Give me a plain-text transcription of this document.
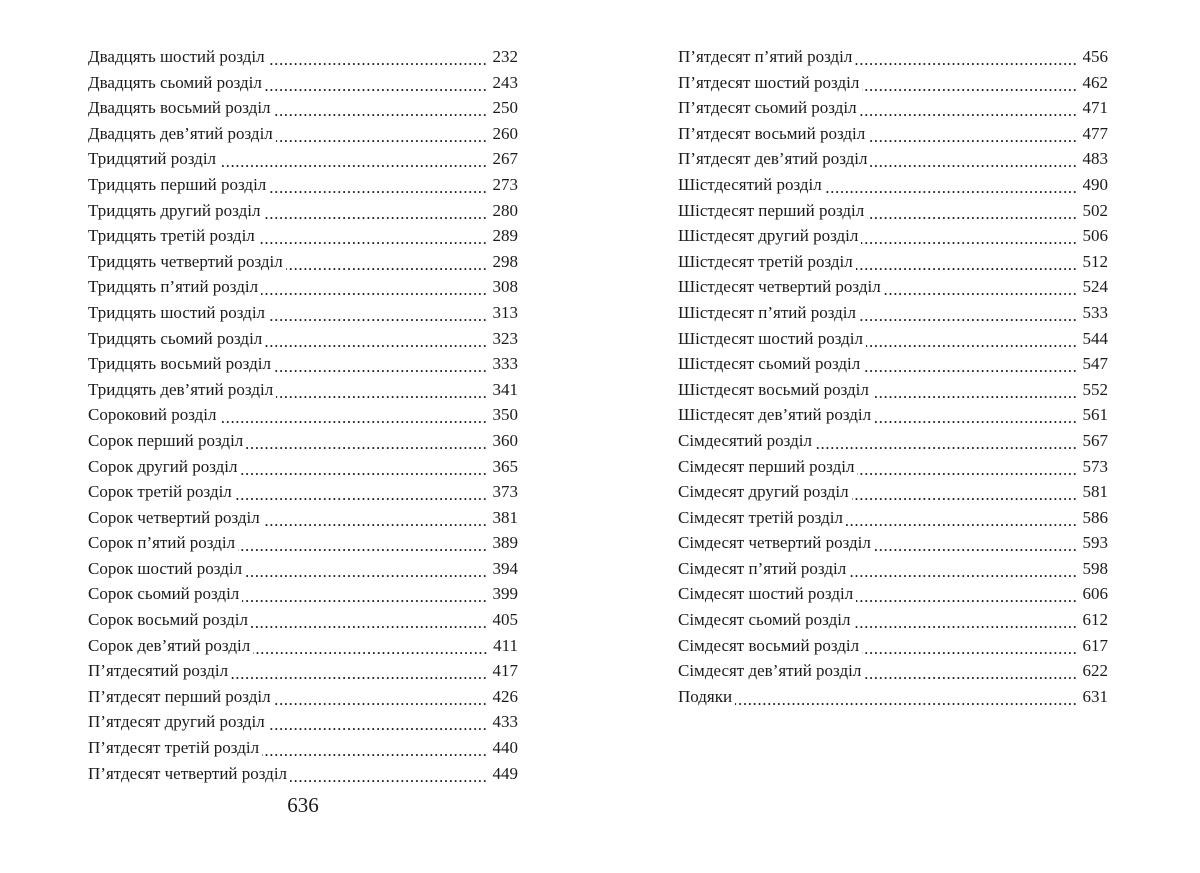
Двадцять шостий розділ .....	232
Двадцять сьомий розділ .....	243
Двадцять восьмий розділ .....	250
Двадцять дев’ятий розділ .....	260
Тридцятий розділ .....	267
Тридцять перший розділ .....	273
Тридцять другий розділ .....	280
Тридцять третій розділ .....	289
Тридцять четвертий розділ .....	298
Тридцять п’ятий розділ .....	308
Тридцять шостий розділ .....	313
Тридцять сьомий розділ .....	323
Тридцять восьмий розділ .....	333
Тридцять дев’ятий розділ .....	341
Сороковий розділ .....	350
Сорок перший розділ .....	360
Сорок другий розділ .....	365
Сорок третій розділ .....	373
Сорок четвертий розділ .....	381
Сорок п’ятий розділ .....	389
Сорок шостий розділ .....	394
Сорок сьомий розділ .....	399
Сорок восьмий розділ .....	405
Сорок дев’ятий розділ .....	411
П’ятдесятий розділ .....	417
П’ятдесят перший розділ .....	426
П’ятдесят другий розділ .....	433
П’ятдесят третій розділ .....	440
П’ятдесят четвертий розділ .....	449
П’ятдесят п’ятий розділ .....	456
П’ятдесят шостий розділ .....	462
П’ятдесят сьомий розділ .....	471
П’ятдесят восьмий розділ .....	477
П’ятдесят дев’ятий розділ .....	483
Шістдесятий розділ .....	490
Шістдесят перший розділ .....	502
Шістдесят другий розділ .....	506
Шістдесят третій розділ .....	512
Шістдесят четвертий розділ .....	524
Шістдесят п’ятий розділ .....	533
Шістдесят шостий розділ .....	544
Шістдесят сьомий розділ .....	547
Шістдесят восьмий розділ .....	552
Шістдесят дев’ятий розділ .....	561
Сімдесятий розділ .....	567
Сімдесят перший розділ .....	573
Сімдесят другий розділ .....	581
Сімдесят третій розділ .....	586
Сімдесят четвертий розділ .....	593
Сімдесят п’ятий розділ .....	598
Сімдесят шостий розділ .....	606
Сімдесят сьомий розділ .....	612
Сімдесят восьмий розділ .....	617
Сімдесят дев’ятий розділ .....	622
Подяки .....	631
636
